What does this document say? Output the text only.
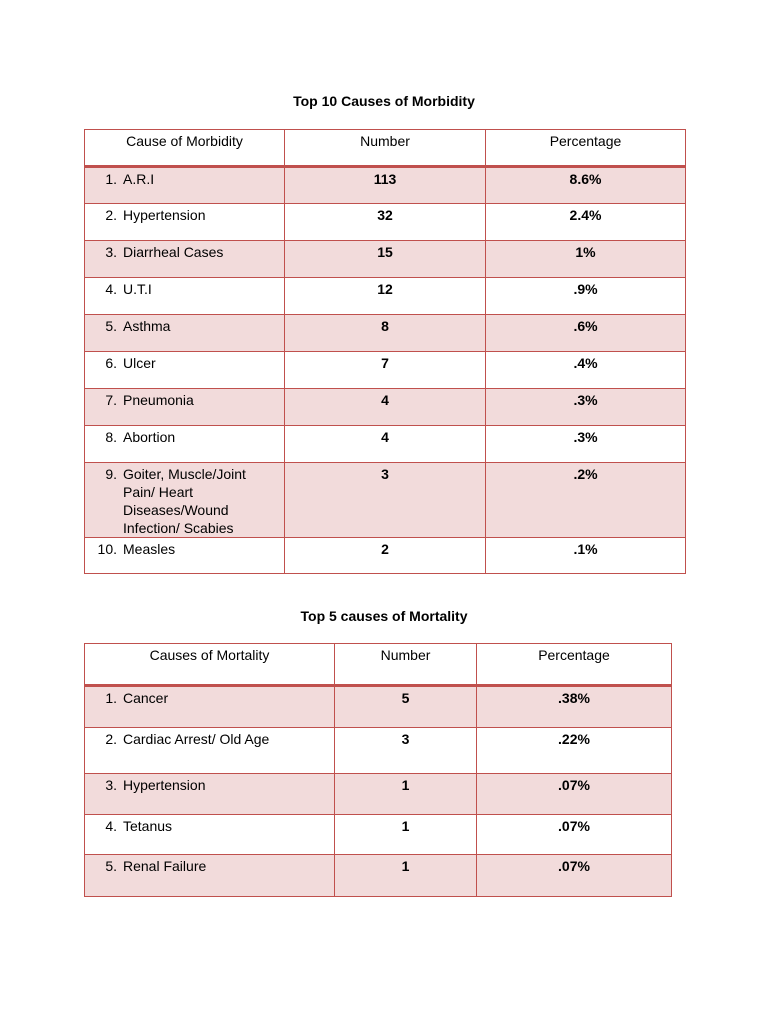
Top 10 Causes of Morbidity
Cause of Morbidity	Number	Percentage

1. A.R.I	113	8.6%

2. Hypertension	32	2.4%

3. Diarrheal Cases	15	1%

4. U.T.I	12	.9%

5. Asthma	8	.6%

6. Ulcer	7	.4%

7. Pneumonia	4	.3%

8. Abortion	4	.3%

9. Goiter, Muscle/Joint Pain/ Heart Diseases/Wound Infection/ Scabies	3	.2%

10. Measles	2	.1%
Top 5 causes of Mortality
Causes of Mortality	Number	Percentage

1. Cancer	5	.38%

2. Cardiac Arrest/ Old Age	3	.22%

3. Hypertension	1	.07%

4. Tetanus	1	.07%

5. Renal Failure	1	.07%
